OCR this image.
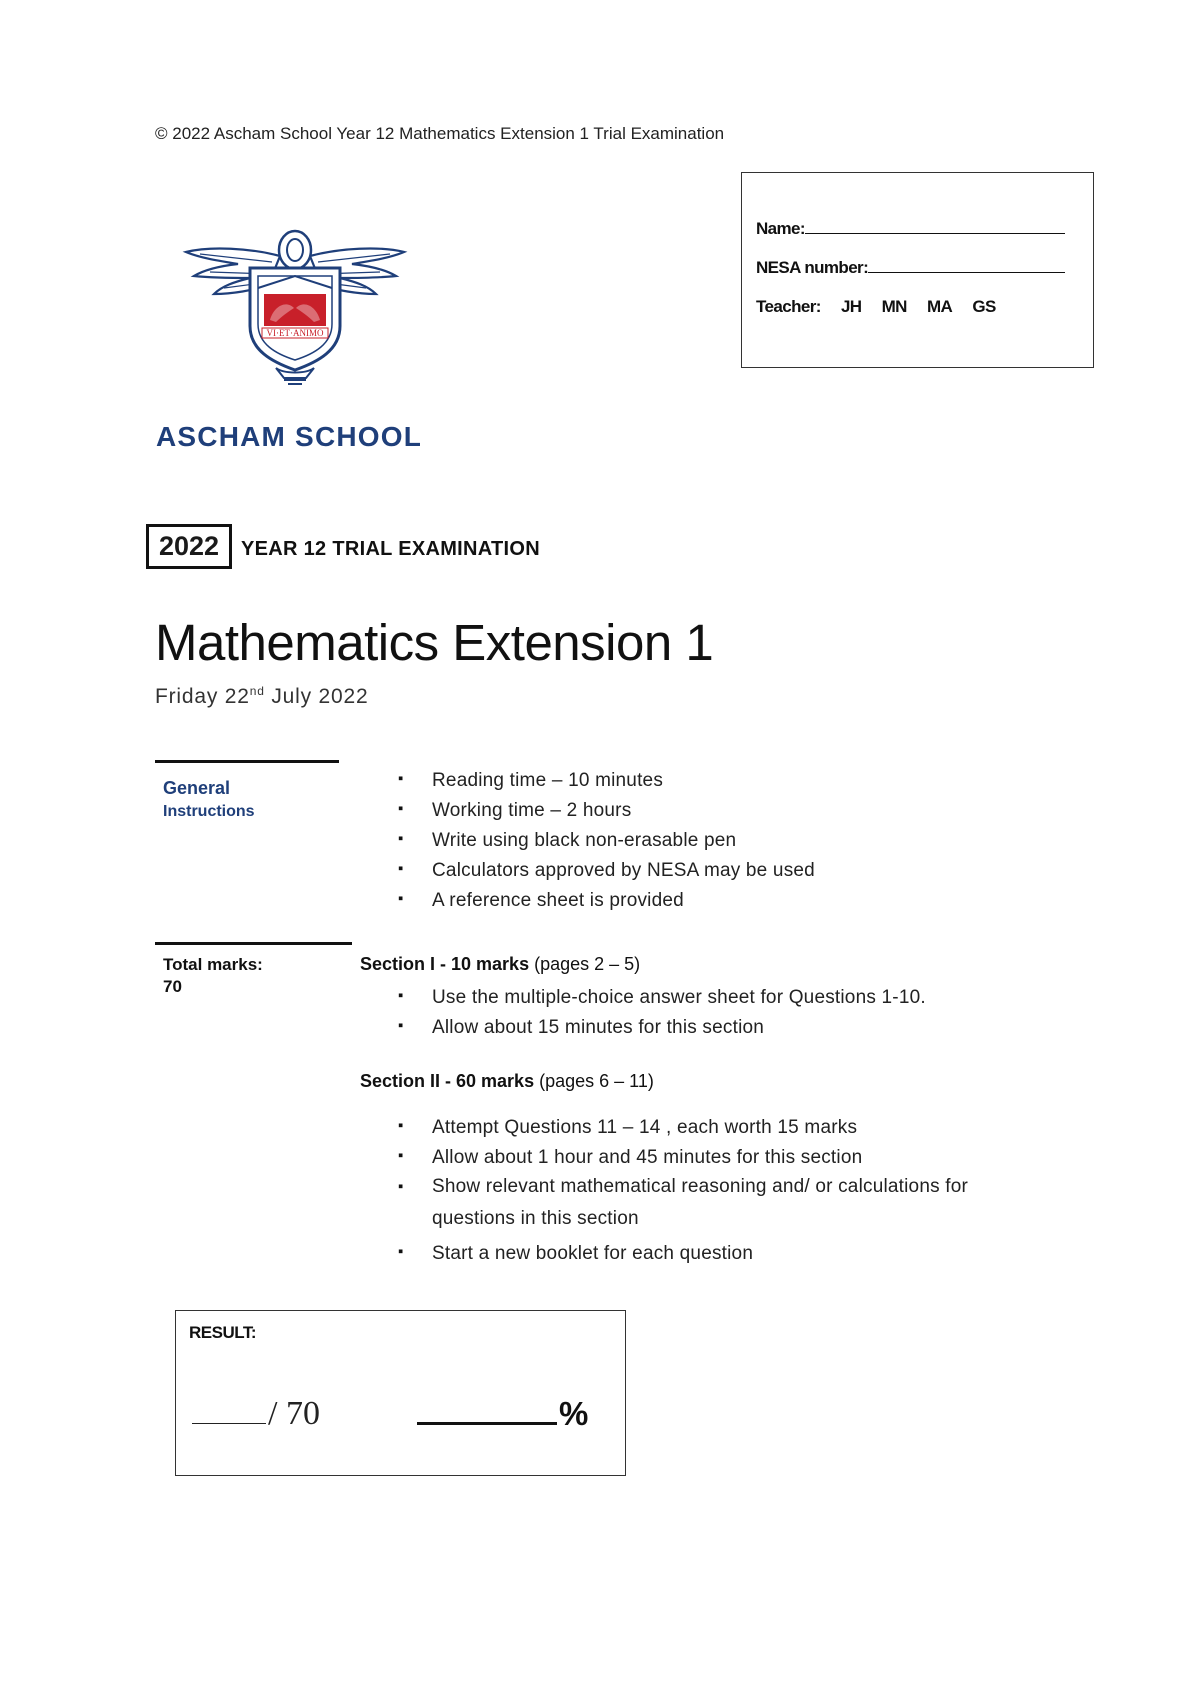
© 2022 Ascham School Year 12 Mathematics Extension 1 Trial Examination
Name:
NESA number:
Teacher: JH MN MA GS
VI·ET·ANIMO
ASCHAM SCHOOL
2022	YEAR 12 TRIAL EXAMINATION
Mathematics Extension 1
Friday 22nd July 2022
General
Instructions
▪ Reading time – 10 minutes
▪ Working time – 2 hours
▪ Write using black non-erasable pen
▪ Calculators approved by NESA may be used
▪ A reference sheet is provided
Total marks:
70
Section I - 10 marks (pages 2 – 5)
▪ Use the multiple-choice answer sheet for Questions 1-10.
▪ Allow about 15 minutes for this section
Section II - 60 marks (pages 6 – 11)
▪ Attempt Questions 11 – 14 , each worth 15 marks
▪ Allow about 1 hour and 45 minutes for this section
▪ Show relevant mathematical reasoning and/ or calculations for questions in this section
▪ Start a new booklet for each question
RESULT:
/ 70	%
